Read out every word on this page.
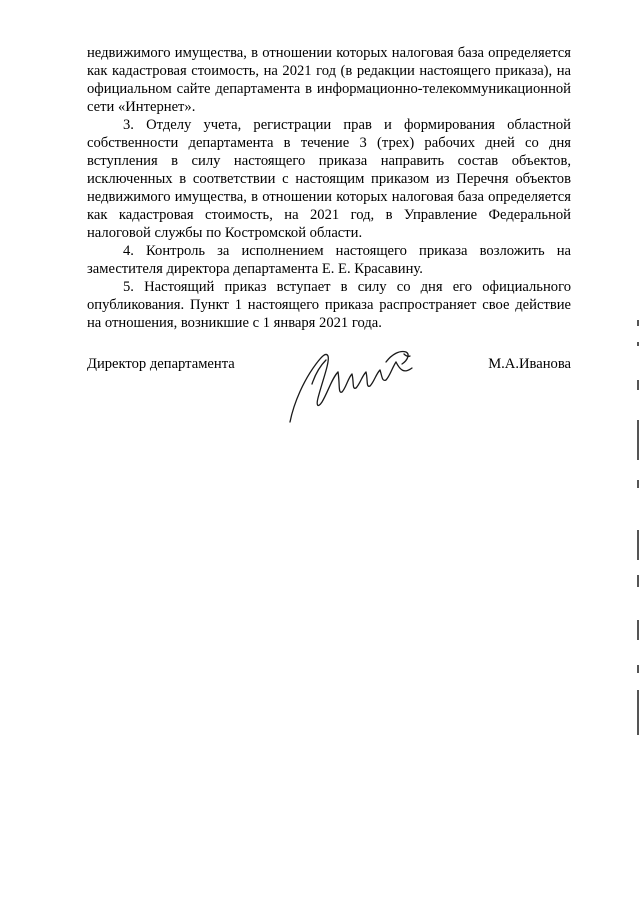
недвижимого имущества, в отношении которых налоговая база определяется как кадастровая стоимость, на 2021 год (в редакции настоящего приказа), на официальном сайте департамента в информационно-телекоммуникационной сети «Интернет».

3. Отделу учета, регистрации прав и формирования областной собственности департамента в течение 3 (трех) рабочих дней со дня вступления в силу настоящего приказа направить состав объектов, исключенных в соответствии с настоящим приказом из Перечня объектов недвижимого имущества, в отношении которых налоговая база определяется как кадастровая стоимость, на 2021 год, в Управление Федеральной налоговой службы по Костромской области.

4. Контроль за исполнением настоящего приказа возложить на заместителя директора департамента Е. Е. Красавину.

5. Настоящий приказ вступает в силу со дня его официального опубликования. Пункт 1 настоящего приказа распространяет свое действие на отношения, возникшие с 1 января 2021 года.

Директор департамента	М.А.Иванова
